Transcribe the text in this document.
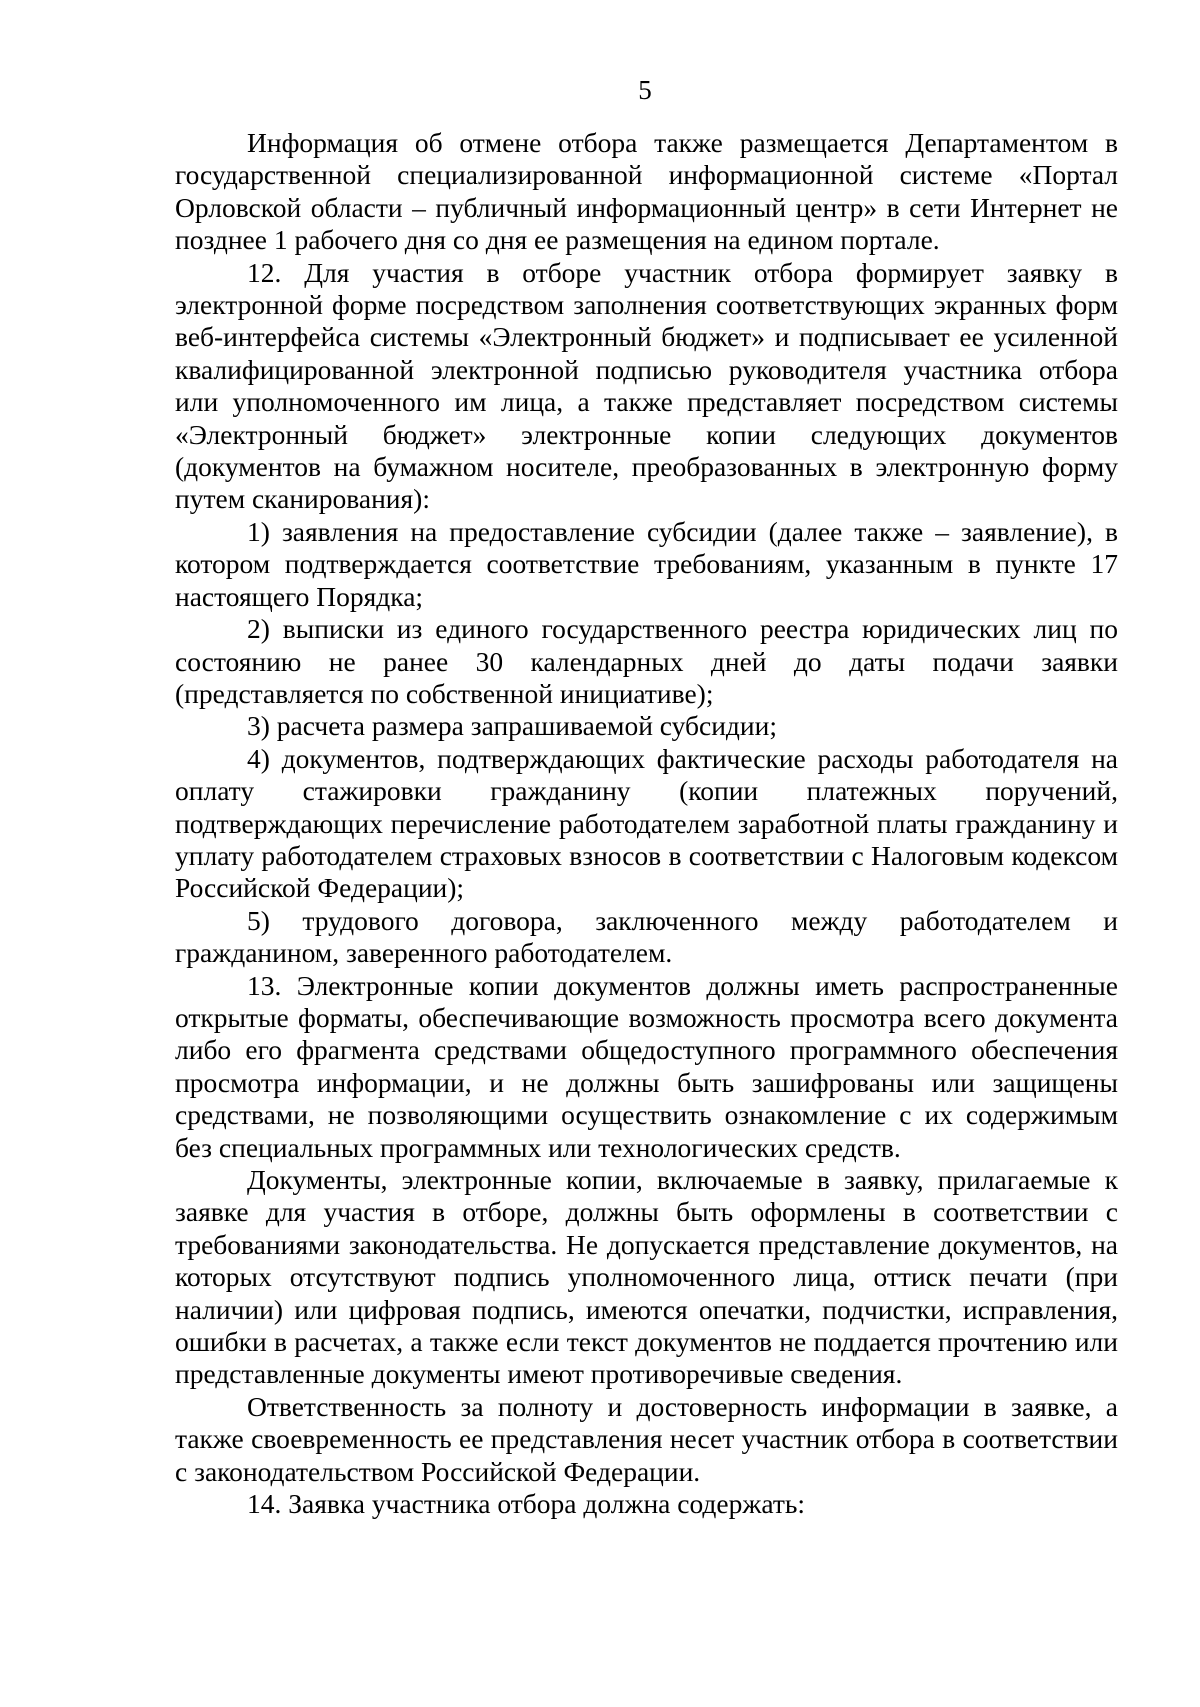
5

Информация об отмене отбора также размещается Департаментом в государственной специализированной информационной системе «Портал Орловской области – публичный информационный центр» в сети Интернет не позднее 1 рабочего дня со дня ее размещения на едином портале.

12. Для участия в отборе участник отбора формирует заявку в электронной форме посредством заполнения соответствующих экранных форм веб-интерфейса системы «Электронный бюджет» и подписывает ее усиленной квалифицированной электронной подписью руководителя участника отбора или уполномоченного им лица, а также представляет посредством системы «Электронный бюджет» электронные копии следующих документов (документов на бумажном носителе, преобразованных в электронную форму путем сканирования):

1) заявления на предоставление субсидии (далее также – заявление), в котором подтверждается соответствие требованиям, указанным в пункте 17 настоящего Порядка;

2) выписки из единого государственного реестра юридических лиц по состоянию не ранее 30 календарных дней до даты подачи заявки (представляется по собственной инициативе);

3) расчета размера запрашиваемой субсидии;

4) документов, подтверждающих фактические расходы работодателя на оплату стажировки гражданину (копии платежных поручений, подтверждающих перечисление работодателем заработной платы гражданину и уплату работодателем страховых взносов в соответствии с Налоговым кодексом Российской Федерации);

5) трудового договора, заключенного между работодателем и гражданином, заверенного работодателем.

13. Электронные копии документов должны иметь распространенные открытые форматы, обеспечивающие возможность просмотра всего документа либо его фрагмента средствами общедоступного программного обеспечения просмотра информации, и не должны быть зашифрованы или защищены средствами, не позволяющими осуществить ознакомление с их содержимым без специальных программных или технологических средств.

Документы, электронные копии, включаемые в заявку, прилагаемые к заявке для участия в отборе, должны быть оформлены в соответствии с требованиями законодательства. Не допускается представление документов, на которых отсутствуют подпись уполномоченного лица, оттиск печати (при наличии) или цифровая подпись, имеются опечатки, подчистки, исправления, ошибки в расчетах, а также если текст документов не поддается прочтению или представленные документы имеют противоречивые сведения.

Ответственность за полноту и достоверность информации в заявке, а также своевременность ее представления несет участник отбора в соответствии с законодательством Российской Федерации.

14. Заявка участника отбора должна содержать:
